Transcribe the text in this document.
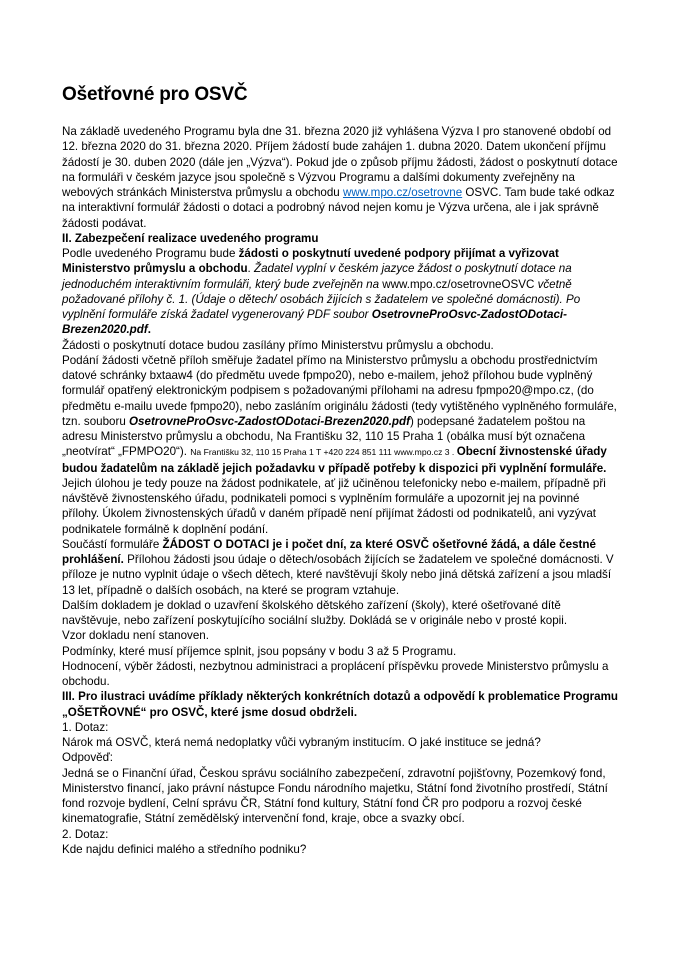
Ošetřovné pro OSVČ

Na základě uvedeného Programu byla dne 31. března 2020 již vyhlášena Výzva I pro stanovené období od 12. března 2020 do 31. března 2020. Příjem žádostí bude zahájen 1. dubna 2020. Datem ukončení příjmu žádostí je 30. duben 2020 (dále jen „Výzva“). Pokud jde o způsob příjmu žádosti, žádost o poskytnutí dotace na formuláři v českém jazyce jsou společně s Výzvou Programu a dalšími dokumenty zveřejněny na webových stránkách Ministerstva průmyslu a obchodu www.mpo.cz/osetrovne OSVC. Tam bude také odkaz na interaktivní formulář žádosti o dotaci a podrobný návod nejen komu je Výzva určena, ale i jak správně žádosti podávat.

II. Zabezpečení realizace uvedeného programu

Podle uvedeného Programu bude žádosti o poskytnutí uvedené podpory přijímat a vyřizovat Ministerstvo průmyslu a obchodu. Žadatel vyplní v českém jazyce žádost o poskytnutí dotace na jednoduchém interaktivním formuláři, který bude zveřejněn na www.mpo.cz/osetrovneOSVC včetně požadované přílohy č. 1. (Údaje o dětech/ osobách žijících s žadatelem ve společné domácnosti). Po vyplnění formuláře získá žadatel vygenerovaný PDF soubor OsetrovneProOsvc-ZadostODotaci-Brezen2020.pdf.

Žádosti o poskytnutí dotace budou zasílány přímo Ministerstvu průmyslu a obchodu.

Podání žádosti včetně příloh směřuje žadatel přímo na Ministerstvo průmyslu a obchodu prostřednictvím datové schránky bxtaaw4 (do předmětu uvede fpmpo20), nebo e-mailem, jehož přílohou bude vyplněný formulář opatřený elektronickým podpisem s požadovanými přílohami na adresu fpmpo20@mpo.cz, (do předmětu e-mailu uvede fpmpo20), nebo zasláním originálu žádosti (tedy vytištěného vyplněného formuláře, tzn. souboru OsetrovneProOsvc-ZadostODotaci-Brezen2020.pdf) podepsané žadatelem poštou na adresu Ministerstvo průmyslu a obchodu, Na Františku 32, 110 15 Praha 1 (obálka musí být označena „neotvírat“ „FPMPO20“). Na Františku 32, 110 15 Praha 1 T +420 224 851 111 www.mpo.cz 3 . Obecní živnostenské úřady budou žadatelům na základě jejich požadavku v případě potřeby k dispozici při vyplnění formuláře. Jejich úlohou je tedy pouze na žádost podnikatele, ať již učiněnou telefonicky nebo e-mailem, případně při návštěvě živnostenského úřadu, podnikateli pomoci s vyplněním formuláře a upozornit jej na povinné přílohy. Úkolem živnostenských úřadů v daném případě není přijímat žádosti od podnikatelů, ani vyzývat podnikatele formálně k doplnění podání.

Součástí formuláře ŽÁDOST O DOTACI je i počet dní, za které OSVČ ošetřovné žádá, a dále čestné prohlášení. Přílohou žádosti jsou údaje o dětech/osobách žijících se žadatelem ve společné domácnosti. V příloze je nutno vyplnit údaje o všech dětech, které navštěvují školy nebo jiná dětská zařízení a jsou mladší 13 let, případně o dalších osobách, na které se program vztahuje.

Dalším dokladem je doklad o uzavření školského dětského zařízení (školy), které ošetřované dítě navštěvuje, nebo zařízení poskytujícího sociální služby. Dokládá se v originále nebo v prosté kopii.

Vzor dokladu není stanoven.

Podmínky, které musí příjemce splnit, jsou popsány v bodu 3 až 5 Programu.

Hodnocení, výběr žádosti, nezbytnou administraci a proplácení příspěvku provede Ministerstvo průmyslu a obchodu.

III. Pro ilustraci uvádíme příklady některých konkrétních dotazů a odpovědí k problematice Programu „OŠETŘOVNÉ“ pro OSVČ, které jsme dosud obdrželi.

1. Dotaz:

Nárok má OSVČ, která nemá nedoplatky vůči vybraným institucím. O jaké instituce se jedná?

Odpověď:

Jedná se o Finanční úřad, Českou správu sociálního zabezpečení, zdravotní pojišťovny, Pozemkový fond, Ministerstvo financí, jako právní nástupce Fondu národního majetku, Státní fond životního prostředí, Státní fond rozvoje bydlení, Celní správu ČR, Státní fond kultury, Státní fond ČR pro podporu a rozvoj české kinematografie, Státní zemědělský intervenční fond, kraje, obce a svazky obcí.

2. Dotaz:

Kde najdu definici malého a středního podniku?
